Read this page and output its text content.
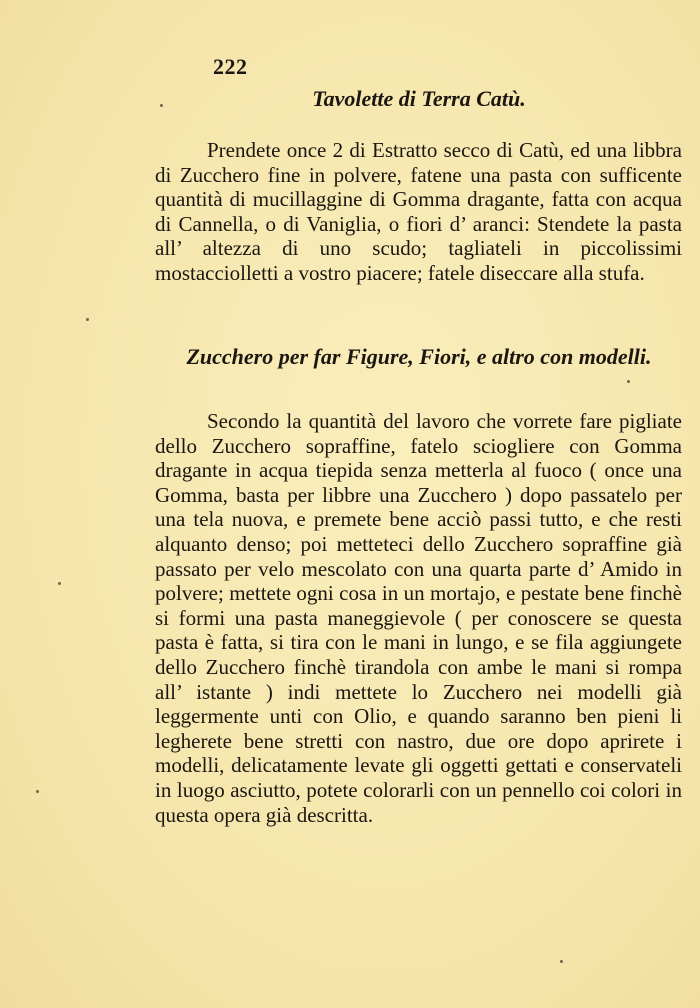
222
Tavolette di Terra Catù.

Prendete once 2 di Estratto secco di Catù, ed una libbra di Zucchero fine in polvere, fatene una pasta con sufficente quantità di mucillaggine di Gomma dragante, fatta con acqua di Cannella, o di Vaniglia, o fiori d’ aranci: Stendete la pasta all’ altezza di uno scudo; tagliateli in piccolissimi mostacciolletti a vostro piacere; fatele diseccare alla stufa.

Zucchero per far Figure, Fiori, e altro con modelli.

Secondo la quantità del lavoro che vorrete fare pigliate dello Zucchero sopraffine, fatelo sciogliere con Gomma dragante in acqua tiepida senza metterla al fuoco ( once una Gomma, basta per libbre una Zucchero ) dopo passatelo per una tela nuova, e premete bene acciò passi tutto, e che resti alquanto denso; poi metteteci dello Zucchero sopraffine già passato per velo mescolato con una quarta parte d’ Amido in polvere; mettete ogni cosa in un mortajo, e pestate bene finchè si formi una pasta maneggievole ( per conoscere se questa pasta è fatta, si tira con le mani in lungo, e se fila aggiungete dello Zucchero finchè tirandola con ambe le mani si rompa all’ istante ) indi mettete lo Zucchero nei modelli già leggermente unti con Olio, e quando saranno ben pieni li legherete bene stretti con nastro, due ore dopo aprirete i modelli, delicatamente levate gli oggetti gettati e conservateli in luogo asciutto, potete colorarli con un pennello coi colori in questa opera già descritta.
